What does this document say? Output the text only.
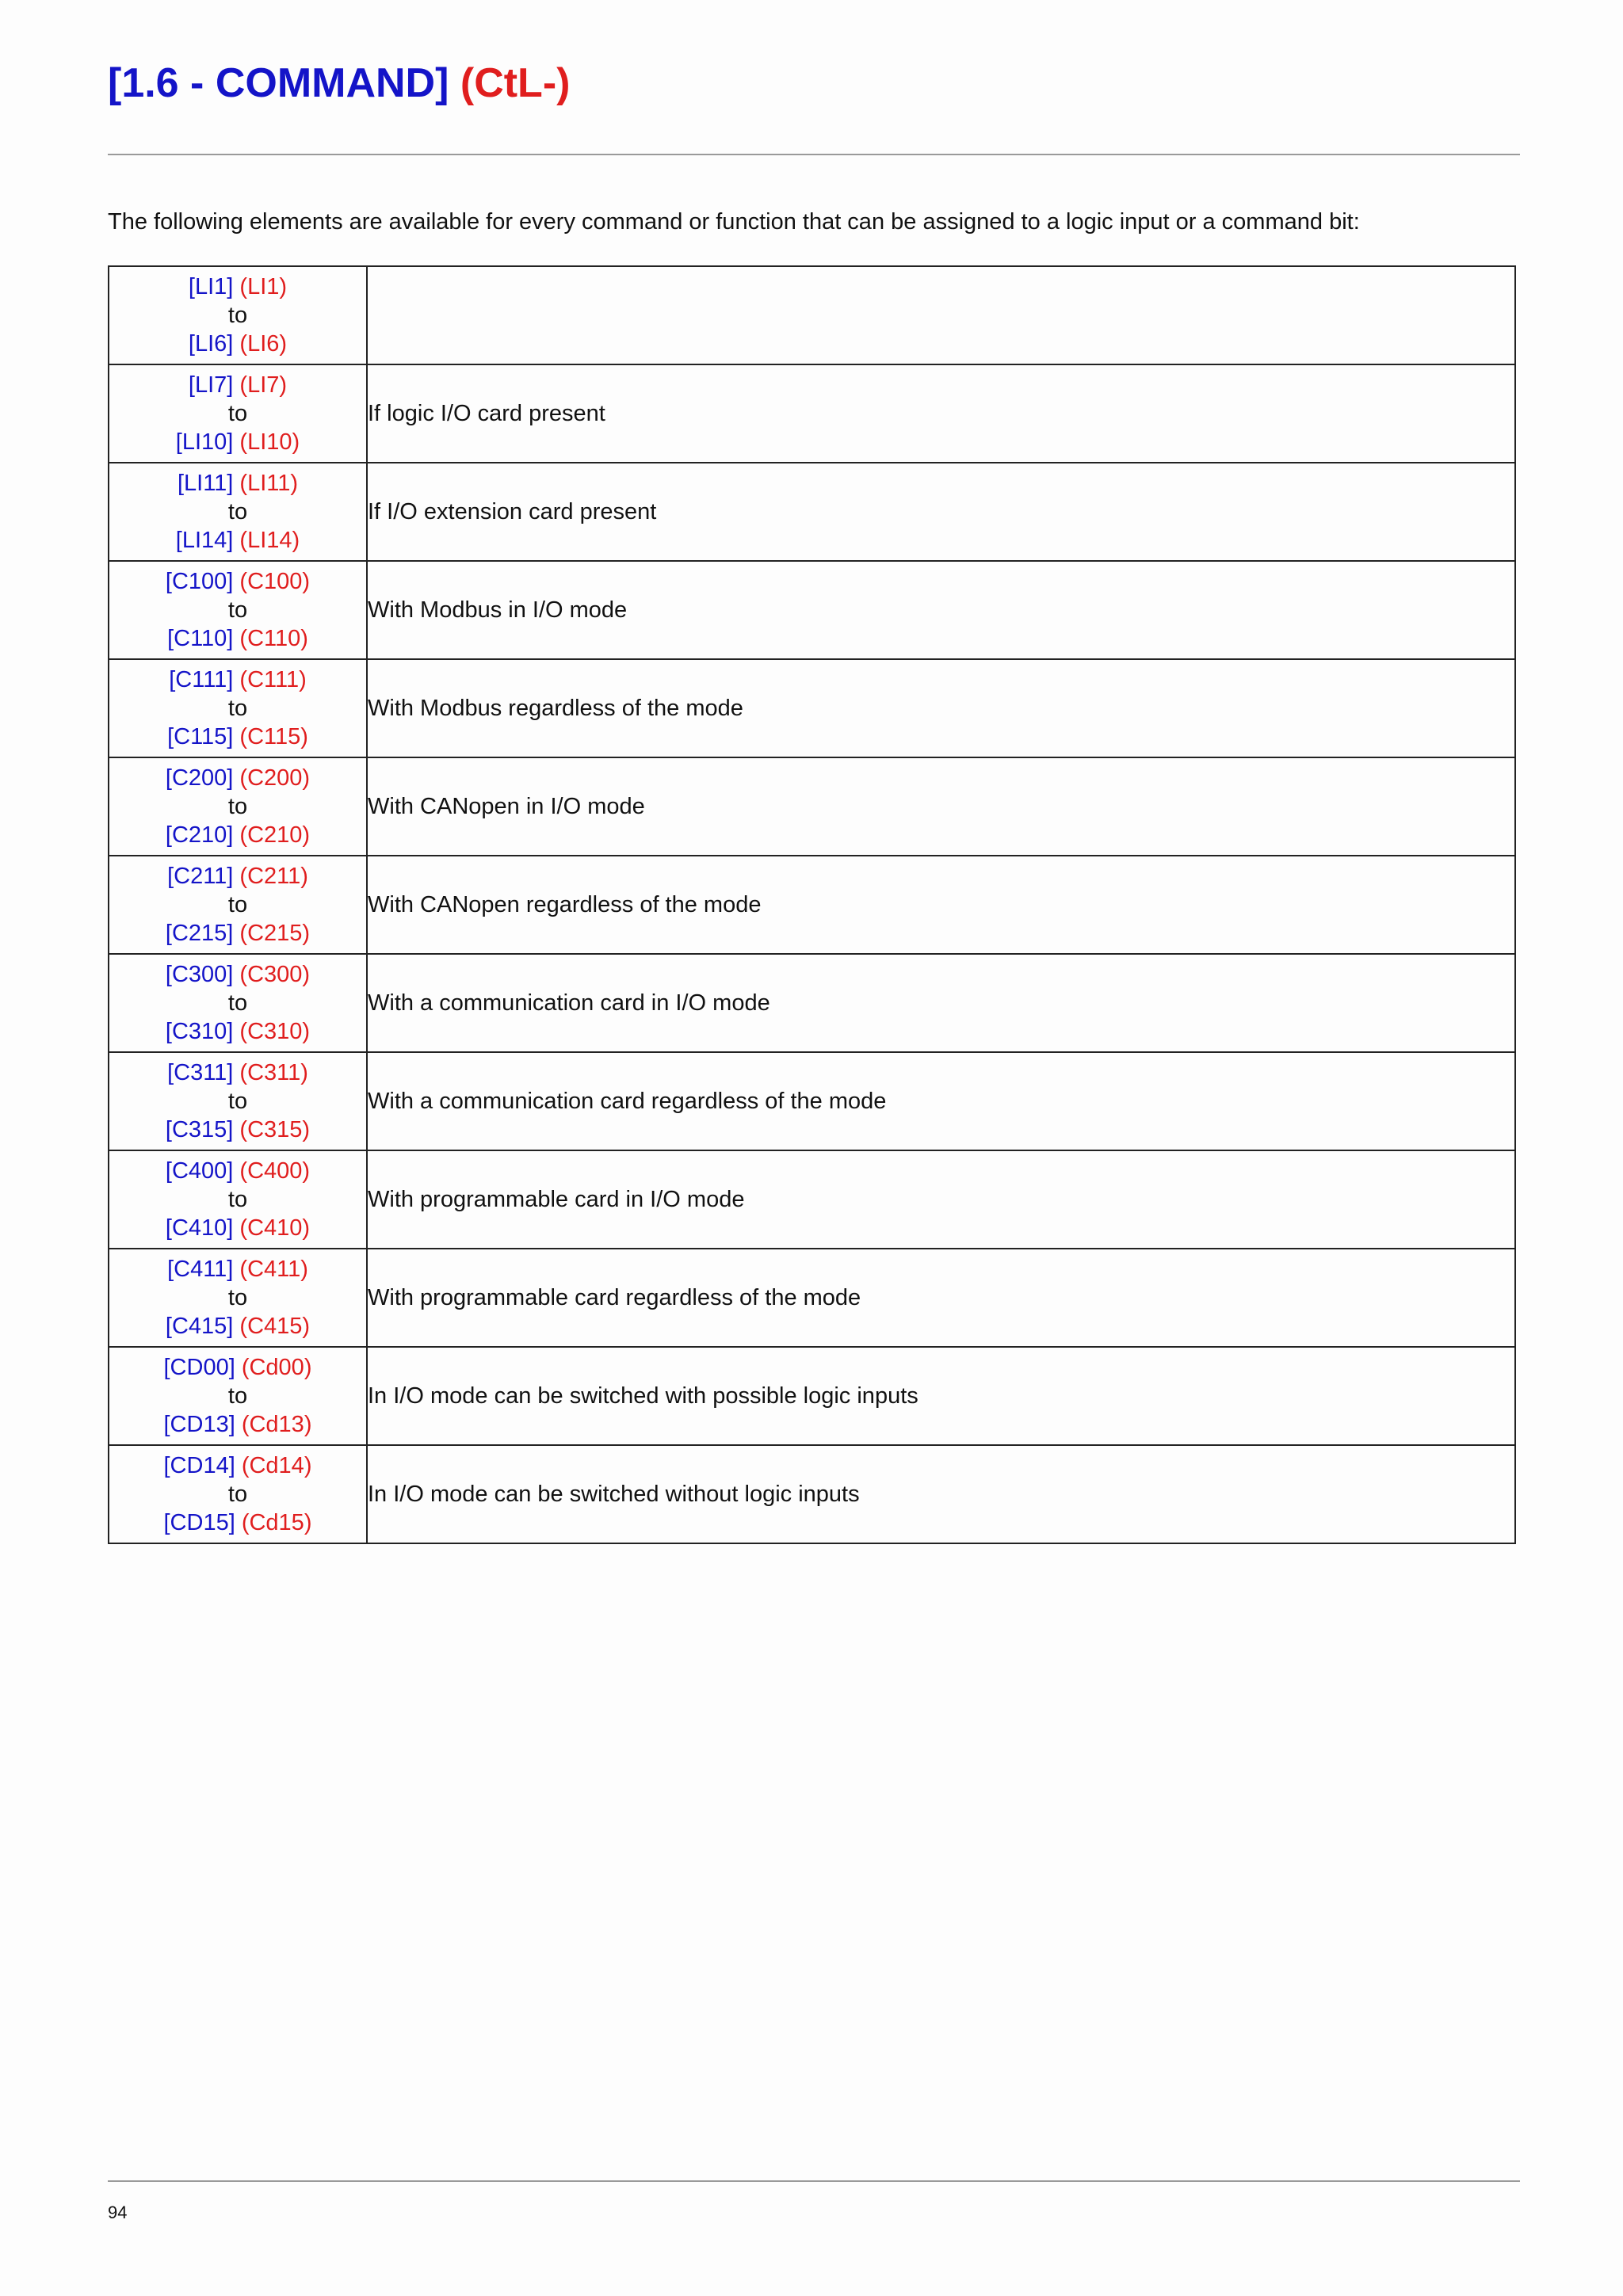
[1.6 - COMMAND] (CtL-)

The following elements are available for every command or function that can be assigned to a logic input or a command bit:

[LI1] (LI1)
to
[LI6] (LI6)	
[LI7] (LI7)
to
[LI10] (LI10)	If logic I/O card present
[LI11] (LI11)
to
[LI14] (LI14)	If I/O extension card present
[C100] (C100)
to
[C110] (C110)	With Modbus in I/O mode
[C111] (C111)
to
[C115] (C115)	With Modbus regardless of the mode
[C200] (C200)
to
[C210] (C210)	With CANopen in I/O mode
[C211] (C211)
to
[C215] (C215)	With CANopen regardless of the mode
[C300] (C300)
to
[C310] (C310)	With a communication card in I/O mode
[C311] (C311)
to
[C315] (C315)	With a communication card regardless of the mode
[C400] (C400)
to
[C410] (C410)	With programmable card in I/O mode
[C411] (C411)
to
[C415] (C415)	With programmable card regardless of the mode
[CD00] (Cd00)
to
[CD13] (Cd13)	In I/O mode can be switched with possible logic inputs
[CD14] (Cd14)
to
[CD15] (Cd15)	In I/O mode can be switched without logic inputs

94
